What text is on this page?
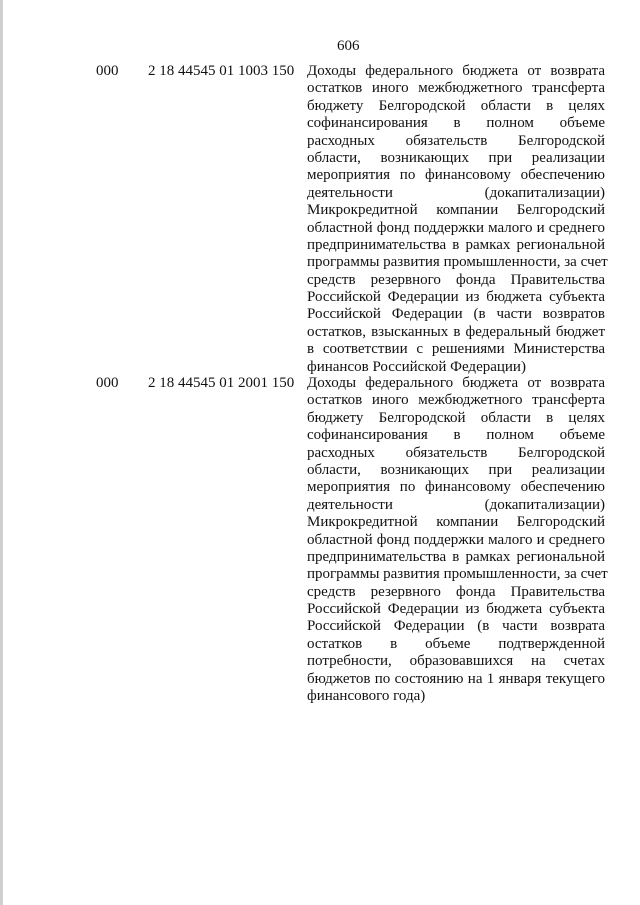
606
000 2 18 44545 01 1003 150 Доходы федерального бюджета от возврата
остатков иного межбюджетного трансферта
бюджету Белгородской области в целях
софинансирования в полном объеме
расходных обязательств Белгородской
области, возникающих при реализации
мероприятия по финансовому обеспечению
деятельности (докапитализации)
Микрокредитной компании Белгородский
областной фонд поддержки малого и среднего
предпринимательства в рамках региональной
программы развития промышленности, за счет
средств резервного фонда Правительства
Российской Федерации из бюджета субъекта
Российской Федерации (в части возвратов
остатков, взысканных в федеральный бюджет
в соответствии с решениями Министерства
финансов Российской Федерации)
000 2 18 44545 01 2001 150 Доходы федерального бюджета от возврата
остатков иного межбюджетного трансферта
бюджету Белгородской области в целях
софинансирования в полном объеме
расходных обязательств Белгородской
области, возникающих при реализации
мероприятия по финансовому обеспечению
деятельности (докапитализации)
Микрокредитной компании Белгородский
областной фонд поддержки малого и среднего
предпринимательства в рамках региональной
программы развития промышленности, за счет
средств резервного фонда Правительства
Российской Федерации из бюджета субъекта
Российской Федерации (в части возврата
остатков в объеме подтвержденной
потребности, образовавшихся на счетах
бюджетов по состоянию на 1 января текущего
финансового года)
